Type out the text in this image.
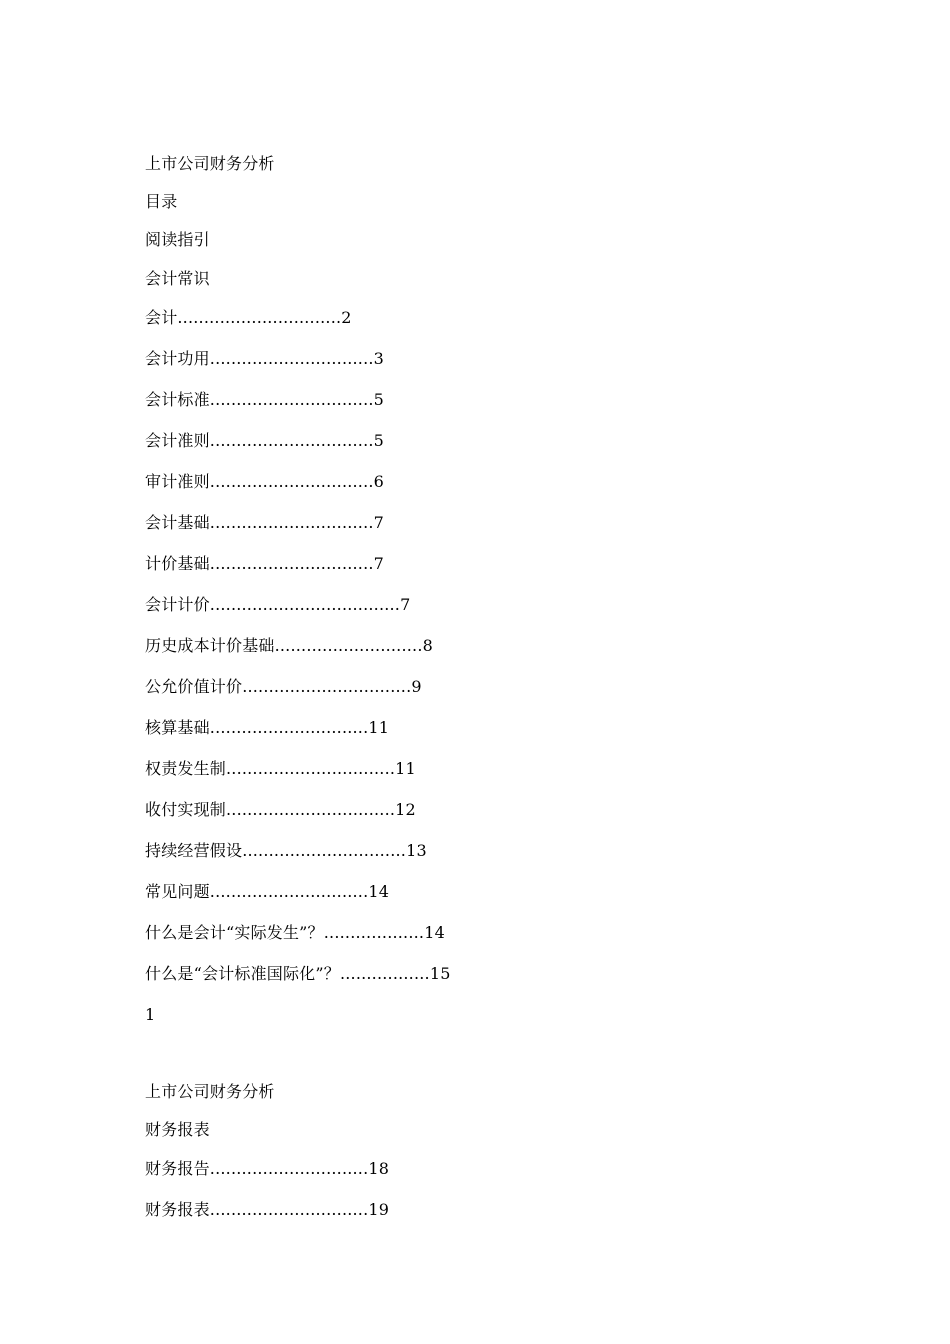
上市公司财务分析
目录
阅读指引
会计常识
会计...............................2
会计功用...............................3
会计标准...............................5
会计准则...............................5
审计准则...............................6
会计基础...............................7
计价基础...............................7
会计计价....................................7
历史成本计价基础............................8
公允价值计价................................9
核算基础..............................11
权责发生制................................11
收付实现制................................12
持续经营假设...............................13
常见问题..............................14
什么是会计“实际发生”？...................14
什么是“会计标准国际化”？.................15
1
上市公司财务分析
财务报表
财务报告..............................18
财务报表..............................19
